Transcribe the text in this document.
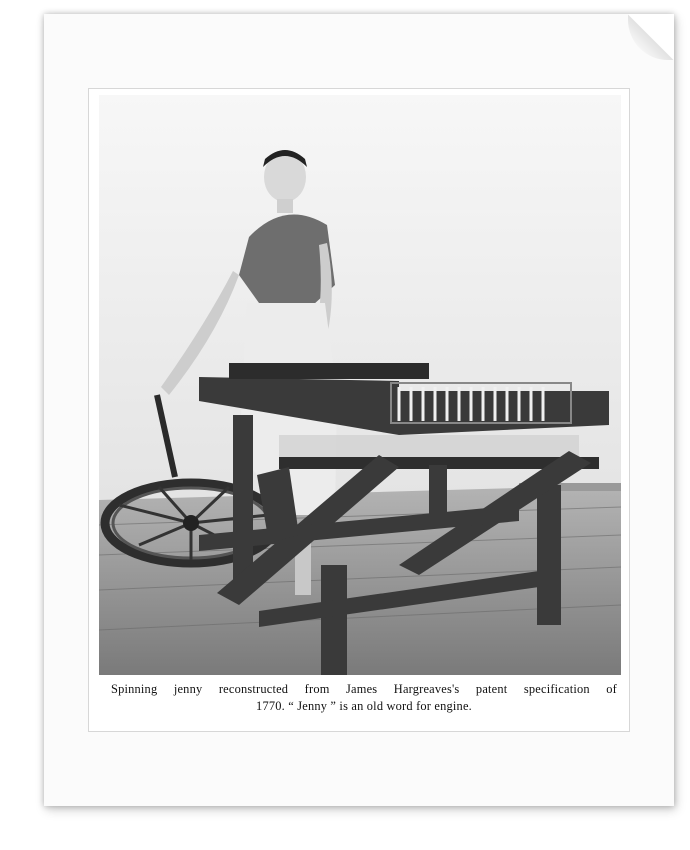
Spinning jenny reconstructed from James Hargreaves's patent specification of
1770. “ Jenny ” is an old word for engine.
